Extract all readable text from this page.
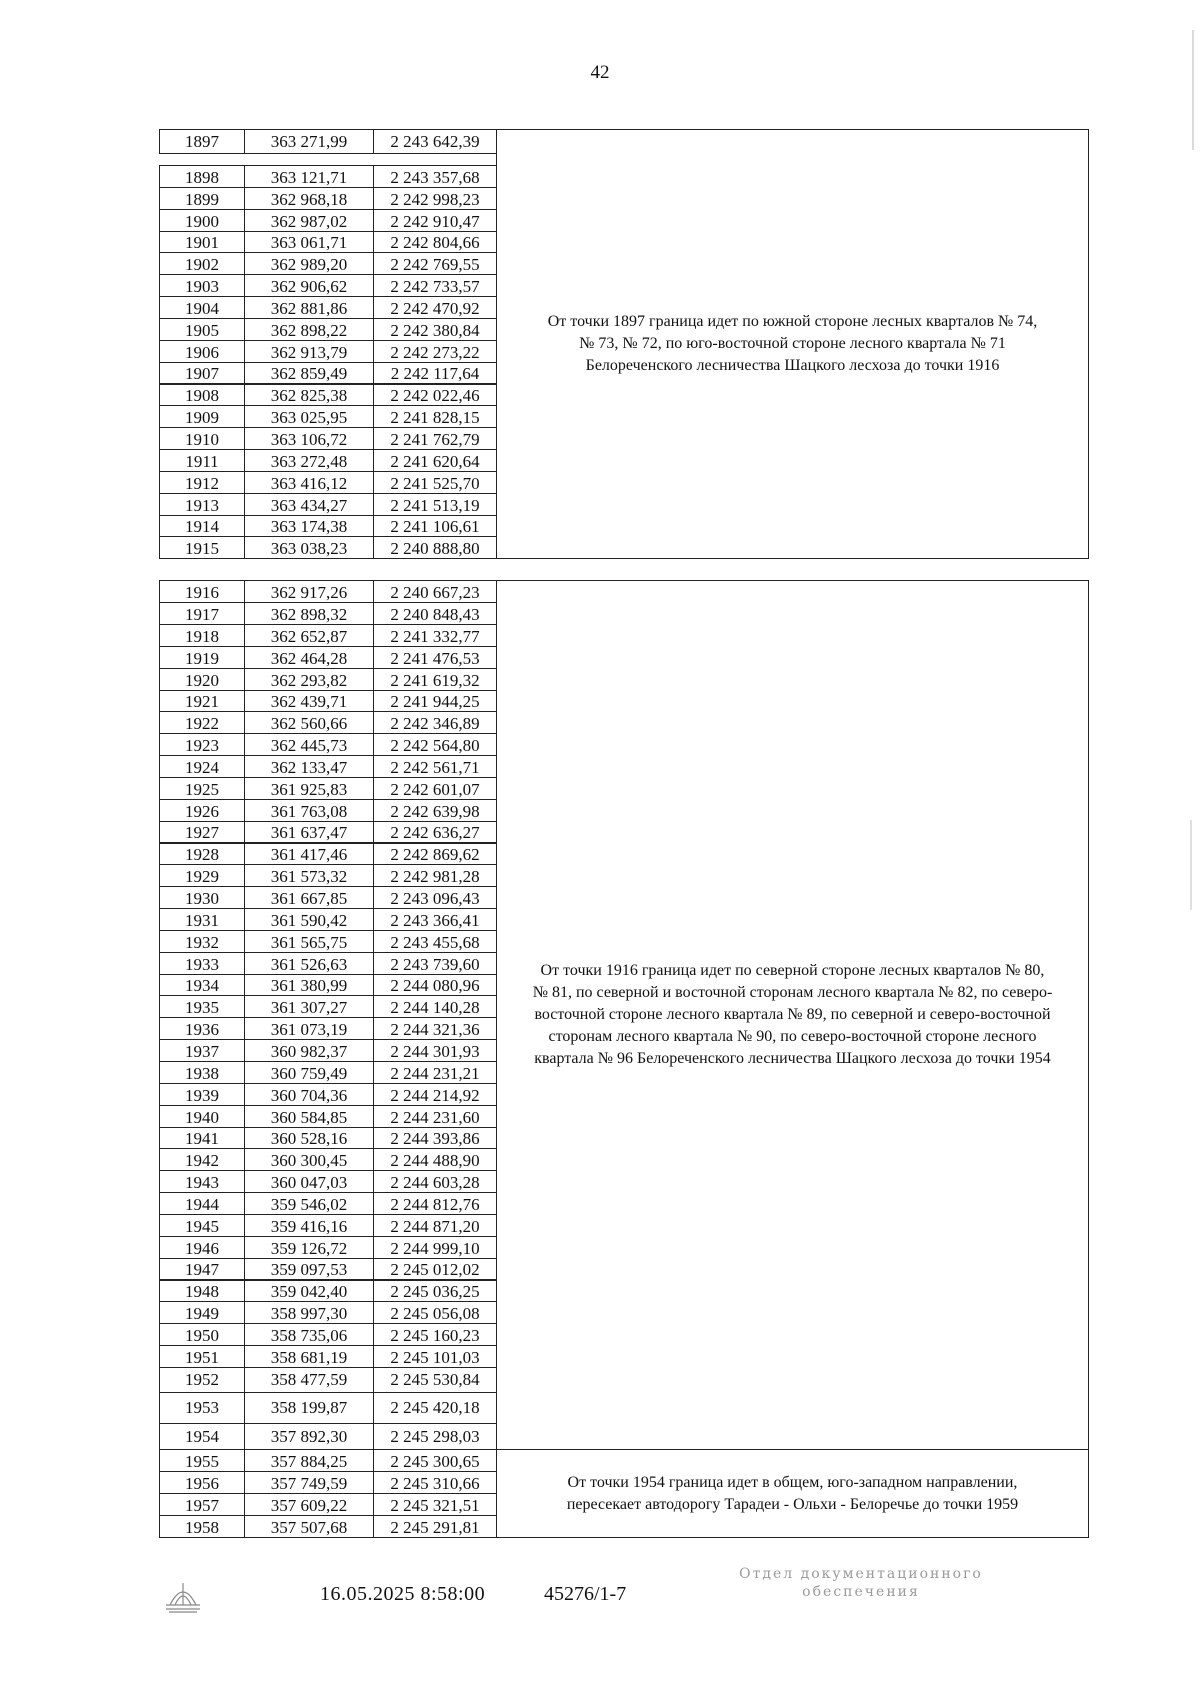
42
1897	363 271,99	2 243 642,39
1898	363 121,71	2 243 357,68
1899	362 968,18	2 242 998,23
1900	362 987,02	2 242 910,47
1901	363 061,71	2 242 804,66
1902	362 989,20	2 242 769,55
1903	362 906,62	2 242 733,57
1904	362 881,86	2 242 470,92
1905	362 898,22	2 242 380,84
1906	362 913,79	2 242 273,22
1907	362 859,49	2 242 117,64
1908	362 825,38	2 242 022,46
1909	363 025,95	2 241 828,15
1910	363 106,72	2 241 762,79
1911	363 272,48	2 241 620,64
1912	363 416,12	2 241 525,70
1913	363 434,27	2 241 513,19
1914	363 174,38	2 241 106,61
1915	363 038,23	2 240 888,80
1916	362 917,26	2 240 667,23
1917	362 898,32	2 240 848,43
1918	362 652,87	2 241 332,77
1919	362 464,28	2 241 476,53
1920	362 293,82	2 241 619,32
1921	362 439,71	2 241 944,25
1922	362 560,66	2 242 346,89
1923	362 445,73	2 242 564,80
1924	362 133,47	2 242 561,71
1925	361 925,83	2 242 601,07
1926	361 763,08	2 242 639,98
1927	361 637,47	2 242 636,27
1928	361 417,46	2 242 869,62
1929	361 573,32	2 242 981,28
1930	361 667,85	2 243 096,43
1931	361 590,42	2 243 366,41
1932	361 565,75	2 243 455,68
1933	361 526,63	2 243 739,60
1934	361 380,99	2 244 080,96
1935	361 307,27	2 244 140,28
1936	361 073,19	2 244 321,36
1937	360 982,37	2 244 301,93
1938	360 759,49	2 244 231,21
1939	360 704,36	2 244 214,92
1940	360 584,85	2 244 231,60
1941	360 528,16	2 244 393,86
1942	360 300,45	2 244 488,90
1943	360 047,03	2 244 603,28
1944	359 546,02	2 244 812,76
1945	359 416,16	2 244 871,20
1946	359 126,72	2 244 999,10
1947	359 097,53	2 245 012,02
1948	359 042,40	2 245 036,25
1949	358 997,30	2 245 056,08
1950	358 735,06	2 245 160,23
1951	358 681,19	2 245 101,03
1952	358 477,59	2 245 530,84
1953	358 199,87	2 245 420,18
1954	357 892,30	2 245 298,03
1955	357 884,25	2 245 300,65
1956	357 749,59	2 245 310,66
1957	357 609,22	2 245 321,51
1958	357 507,68	2 245 291,81
От точки 1897 граница идет по южной стороне лесных кварталов № 74,
№ 73, № 72, по юго-восточной стороне лесного квартала № 71
Белореченского лесничества Шацкого лесхоза до точки 1916
От точки 1916 граница идет по северной стороне лесных кварталов № 80,
№ 81, по северной и восточной сторонам лесного квартала № 82, по северо-
восточной стороне лесного квартала № 89, по северной и северо-восточной
сторонам лесного квартала № 90, по северо-восточной стороне лесного
квартала № 96 Белореченского лесничества Шацкого лесхоза до точки 1954
От точки 1954 граница идет в общем, юго-западном направлении,
пересекает автодорогу Тарадеи - Ольхи - Белоречье до точки 1959
16.05.2025 8:58:00	45276/1-7
Отдел документационного
обеспечения
